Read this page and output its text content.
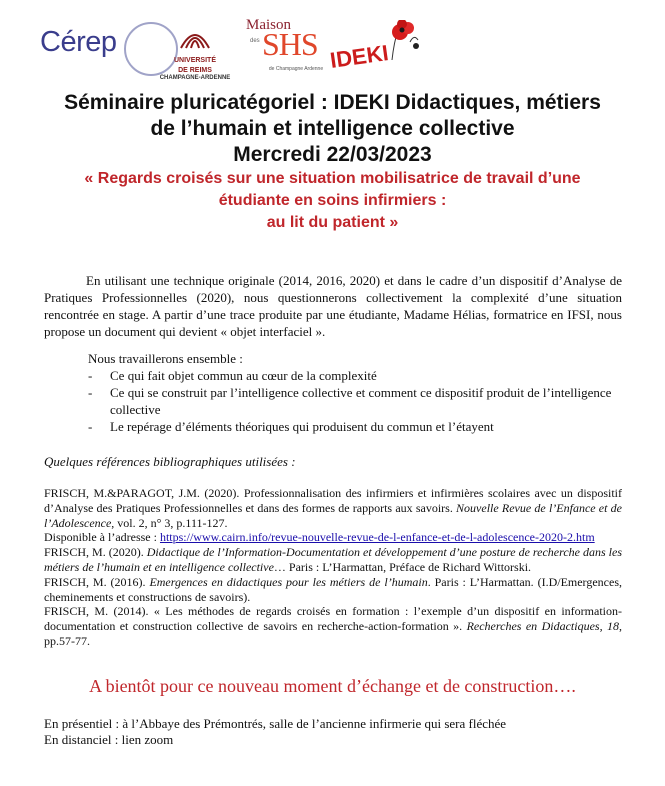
Cérep
UNIVERSITÉ
DE REIMS
CHAMPAGNE-ARDENNE
Maison
des SHS
de Champagne Ardenne IDEKI
Séminaire pluricatégoriel : IDEKI Didactiques, métiers
de l’humain et intelligence collective
Mercredi 22/03/2023
« Regards croisés sur une situation mobilisatrice de travail d’une
étudiante en soins infirmiers :
au lit du patient »
En utilisant une technique originale (2014, 2016, 2020) et dans le cadre d’un dispositif d’Analyse de Pratiques Professionnelles (2020), nous questionnerons collectivement la complexité d’une situation rencontrée en stage. A partir d’une trace produite par une étudiante, Madame Hélias, formatrice en IFSI, nous propose un document qui devient « objet interfaciel ».
Nous travaillerons ensemble :
- Ce qui fait objet commun au cœur de la complexité
- Ce qui se construit par l’intelligence collective et comment ce dispositif produit de l’intelligence collective
- Le repérage d’éléments théoriques qui produisent du commun et l’étayent
Quelques références bibliographiques utilisées :

FRISCH, M.&PARAGOT, J.M. (2020). Professionnalisation des infirmiers et infirmières scolaires avec un dispositif d’Analyse des Pratiques Professionnelles et dans des formes de rapports aux savoirs. Nouvelle Revue de l’Enfance et de l’Adolescence, vol. 2, n° 3, p.111-127.

Disponible à l’adresse : https://www.cairn.info/revue-nouvelle-revue-de-l-enfance-et-de-l-adolescence-2020-2.htm

FRISCH, M. (2020). Didactique de l’Information-Documentation et développement d’une posture de recherche dans les métiers de l’humain et en intelligence collective… Paris : L’Harmattan, Préface de Richard Wittorski.

FRISCH, M. (2016). Emergences en didactiques pour les métiers de l’humain. Paris : L’Harmattan. (I.D/Emergences, cheminements et constructions de savoirs).

FRISCH, M. (2014). « Les méthodes de regards croisés en formation : l’exemple d’un dispositif en information-documentation et construction collective de savoirs en recherche-action-formation ». Recherches en Didactiques, 18, pp.57-77.

A bientôt pour ce nouveau moment d’échange et de construction….
En présentiel : à l’Abbaye des Prémontrés, salle de l’ancienne infirmerie qui sera fléchée
En distanciel : lien zoom
